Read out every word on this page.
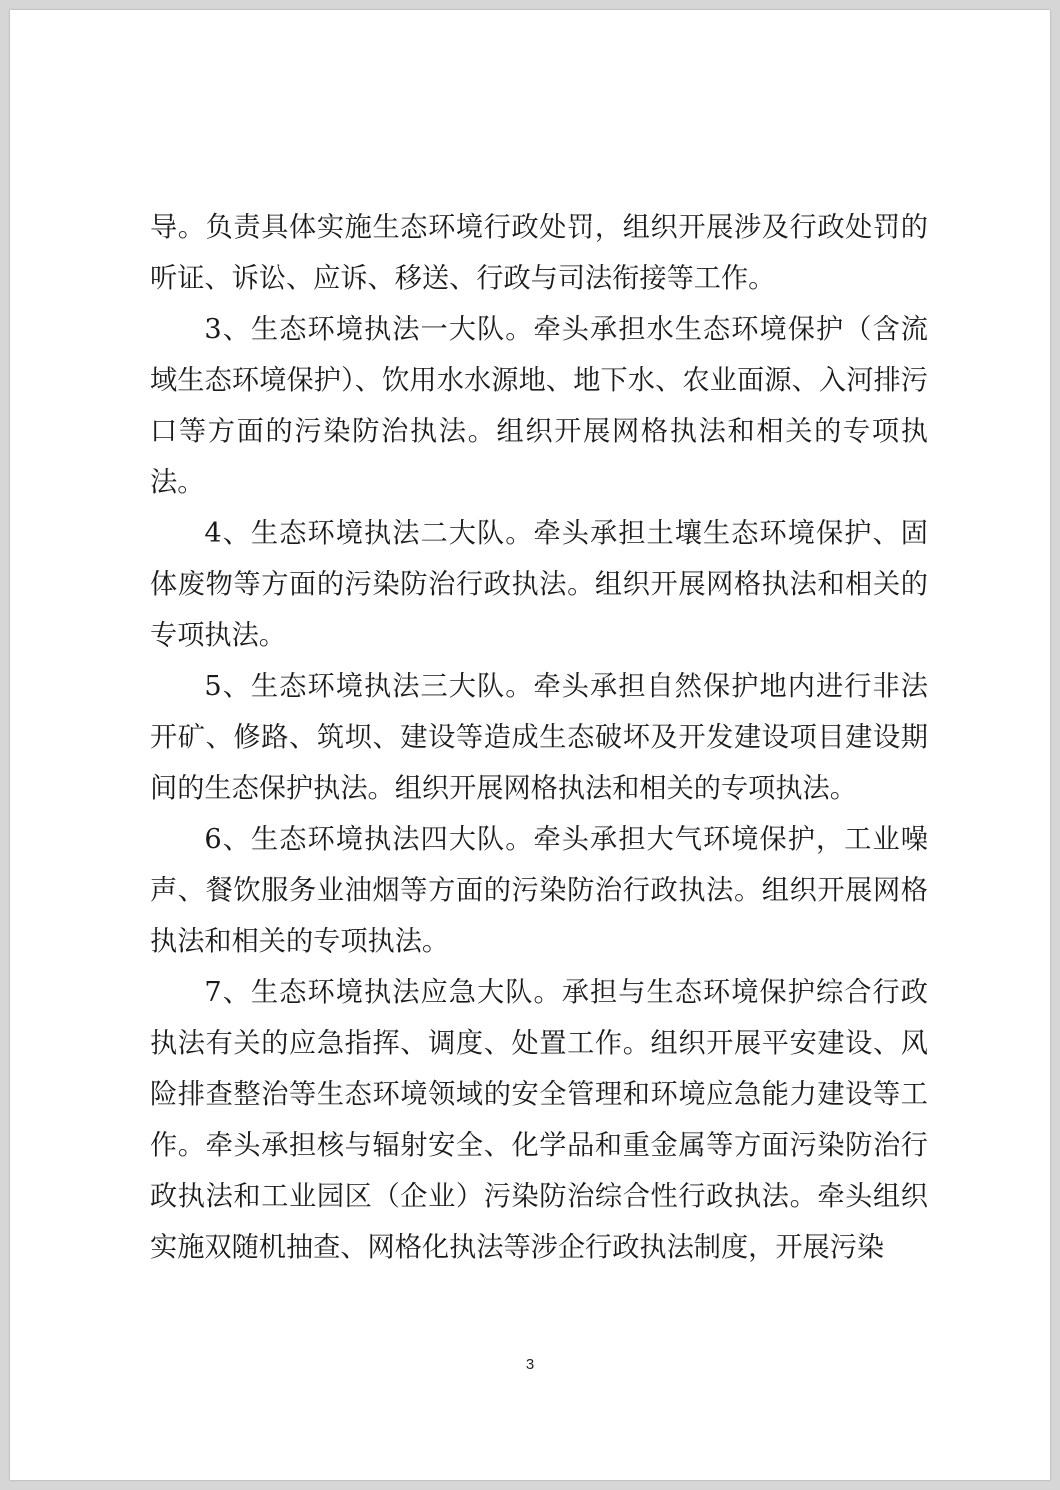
导。负责具体实施生态环境行政处罚，组织开展涉及行政处罚的听证、诉讼、应诉、移送、行政与司法衔接等工作。

3、生态环境执法一大队。牵头承担水生态环境保护（含流域生态环境保护）、饮用水水源地、地下水、农业面源、入河排污口等方面的污染防治执法。组织开展网格执法和相关的专项执法。

4、生态环境执法二大队。牵头承担土壤生态环境保护、固体废物等方面的污染防治行政执法。组织开展网格执法和相关的专项执法。

5、生态环境执法三大队。牵头承担自然保护地内进行非法开矿、修路、筑坝、建设等造成生态破坏及开发建设项目建设期间的生态保护执法。组织开展网格执法和相关的专项执法。

6、生态环境执法四大队。牵头承担大气环境保护，工业噪声、餐饮服务业油烟等方面的污染防治行政执法。组织开展网格执法和相关的专项执法。

7、生态环境执法应急大队。承担与生态环境保护综合行政执法有关的应急指挥、调度、处置工作。组织开展平安建设、风险排查整治等生态环境领域的安全管理和环境应急能力建设等工作。牵头承担核与辐射安全、化学品和重金属等方面污染防治行政执法和工业园区（企业）污染防治综合性行政执法。牵头组织实施双随机抽查、网格化执法等涉企行政执法制度，开展污染

3
